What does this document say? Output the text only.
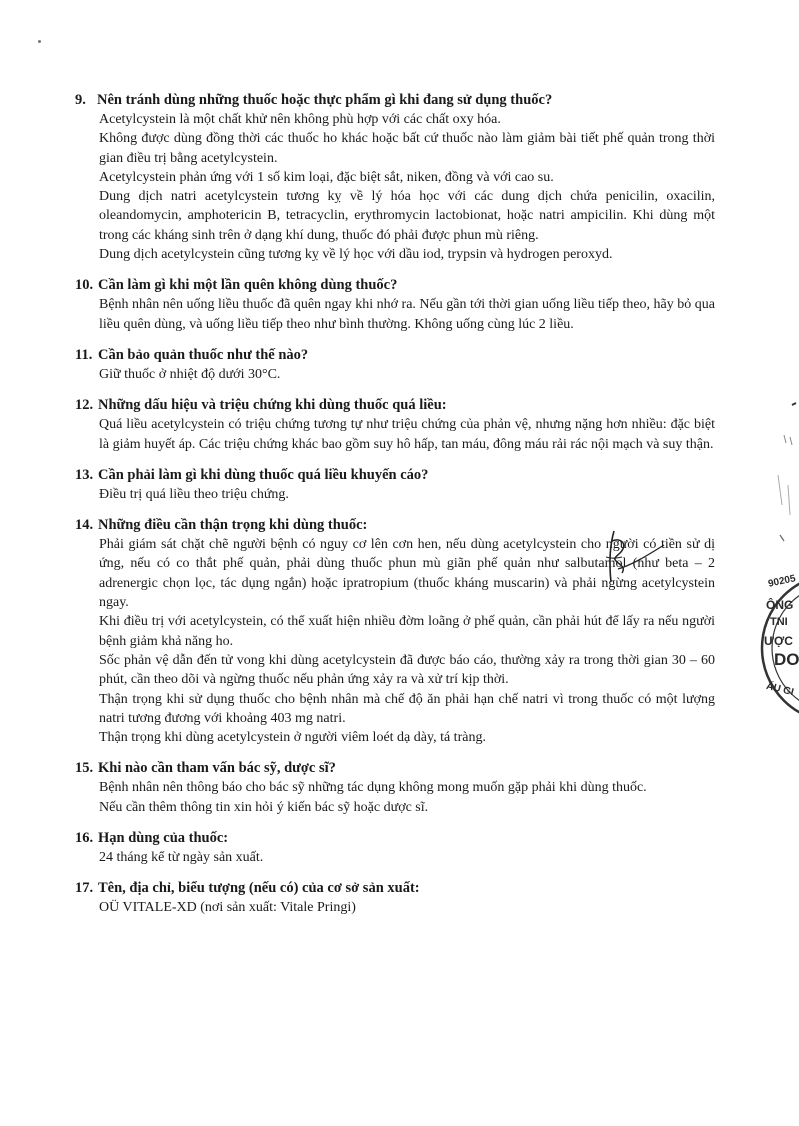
9. Nên tránh dùng những thuốc hoặc thực phẩm gì khi đang sử dụng thuốc?

Acetylcystein là một chất khử nên không phù hợp với các chất oxy hóa.

Không được dùng đồng thời các thuốc ho khác hoặc bất cứ thuốc nào làm giảm bài tiết phế quản trong thời gian điều trị bằng acetylcystein.

Acetylcystein phản ứng với 1 số kim loại, đặc biệt sắt, niken, đồng và với cao su.

Dung dịch natri acetylcystein tương kỵ về lý hóa học với các dung dịch chứa penicilin, oxacilin, oleandomycin, amphotericin B, tetracyclin, erythromycin lactobionat, hoặc natri ampicilin. Khi dùng một trong các kháng sinh trên ở dạng khí dung, thuốc đó phải được phun mù riêng.

Dung dịch acetylcystein cũng tương kỵ về lý học với dầu iod, trypsin và hydrogen peroxyd.

10. Cần làm gì khi một lần quên không dùng thuốc?

Bệnh nhân nên uống liều thuốc đã quên ngay khi nhớ ra. Nếu gần tới thời gian uống liều tiếp theo, hãy bỏ qua liều quên dùng, và uống liều tiếp theo như bình thường. Không uống cùng lúc 2 liều.

11. Cần bảo quản thuốc như thế nào?

Giữ thuốc ở nhiệt độ dưới 30°C.

12. Những dấu hiệu và triệu chứng khi dùng thuốc quá liều:

Quá liều acetylcystein có triệu chứng tương tự như triệu chứng của phản vệ, nhưng nặng hơn nhiều: đặc biệt là giảm huyết áp. Các triệu chứng khác bao gồm suy hô hấp, tan máu, đông máu rải rác nội mạch và suy thận.

13. Cần phải làm gì khi dùng thuốc quá liều khuyến cáo?

Điều trị quá liều theo triệu chứng.

14. Những điều cần thận trọng khi dùng thuốc:

Phải giám sát chặt chẽ người bệnh có nguy cơ lên cơn hen, nếu dùng acetylcystein cho người có tiền sử dị ứng, nếu có co thắt phế quản, phải dùng thuốc phun mù giãn phế quản như salbutamol (như beta – 2 adrenergic chọn lọc, tác dụng ngắn) hoặc ipratropium (thuốc kháng muscarin) và phải ngừng acetylcystein ngay.

Khi điều trị với acetylcystein, có thể xuất hiện nhiều đờm loãng ở phế quản, cần phải hút để lấy ra nếu người bệnh giảm khả năng ho.

Sốc phản vệ dẫn đến tử vong khi dùng acetylcystein đã được báo cáo, thường xảy ra trong thời gian 30 – 60 phút, cần theo dõi và ngừng thuốc nếu phản ứng xảy ra và xử trí kịp thời.

Thận trọng khi sử dụng thuốc cho bệnh nhân mà chế độ ăn phải hạn chế natri vì trong thuốc có một lượng natri tương đương với khoảng 403 mg natri.

Thận trọng khi dùng acetylcystein ở người viêm loét dạ dày, tá tràng.

15. Khi nào cần tham vấn bác sỹ, dược sĩ?

Bệnh nhân nên thông báo cho bác sỹ những tác dụng không mong muốn gặp phải khi dùng thuốc.

Nếu cần thêm thông tin xin hỏi ý kiến bác sỹ hoặc dược sĩ.

16. Hạn dùng của thuốc:

24 tháng kể từ ngày sản xuất.

17. Tên, địa chỉ, biểu tượng (nếu có) của cơ sở sản xuất:

OÜ VITALE-XD (nơi sản xuất: Vitale Pringi)

90205
ÔNG
TNI
ƯỢC
DO
ẤU GI
